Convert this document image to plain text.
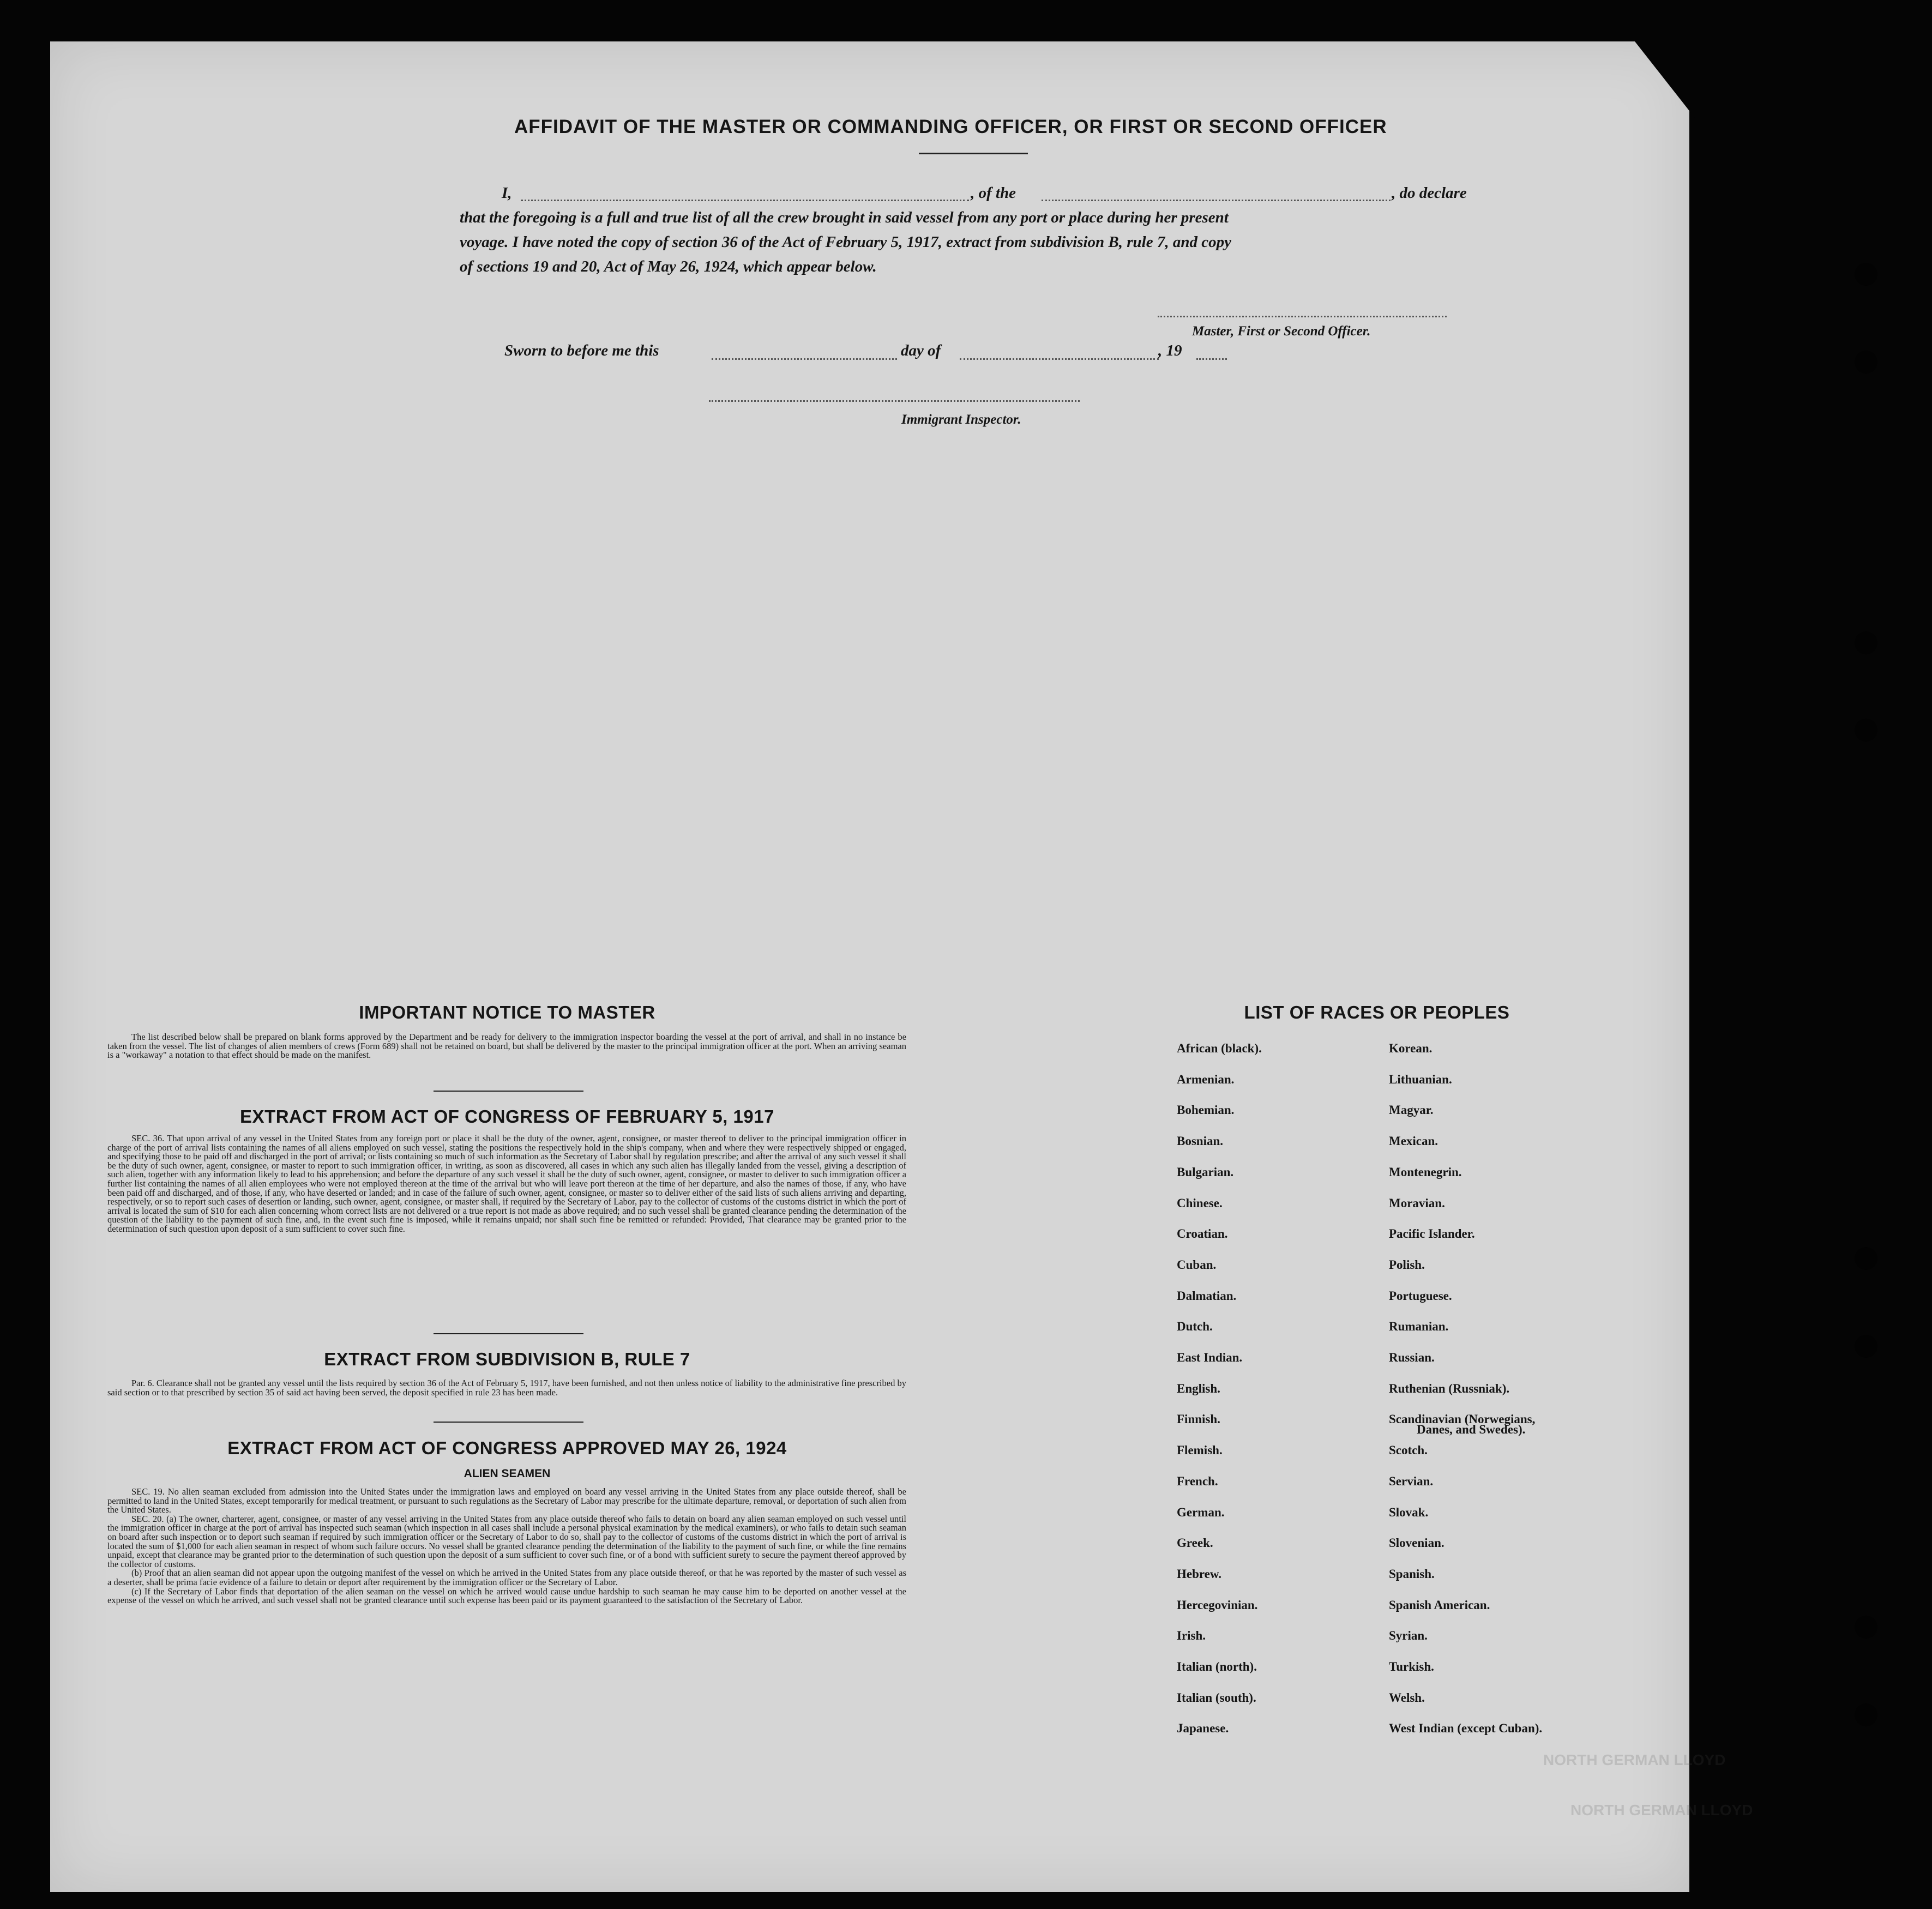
AFFIDAVIT OF THE MASTER OR COMMANDING OFFICER, OR FIRST OR SECOND OFFICER
I,	, of the	, do declare
that the foregoing is a full and true list of all the crew brought in said vessel from any port or place during her present
voyage. I have noted the copy of section 36 of the Act of February 5, 1917, extract from subdivision B, rule 7, and copy
of sections 19 and 20, Act of May 26, 1924, which appear below.
Master, First or Second Officer.
Sworn to before me this	day of	, 19
Immigrant Inspector.
IMPORTANT NOTICE TO MASTER
The list described below shall be prepared on blank forms approved by the Department and be ready for delivery to the immigration inspector boarding the vessel at the port of arrival, and shall in no instance be taken from the vessel. The list of changes of alien members of crews (Form 689) shall not be retained on board, but shall be delivered by the master to the principal immigration officer at the port. When an arriving seaman is a "workaway" a notation to that effect should be made on the manifest.
EXTRACT FROM ACT OF CONGRESS OF FEBRUARY 5, 1917
SEC. 36. That upon arrival of any vessel in the United States from any foreign port or place it shall be the duty of the owner, agent, consignee, or master thereof to deliver to the principal immigration officer in charge of the port of arrival lists containing the names of all aliens employed on such vessel, stating the positions the respectively hold in the ship's company, when and where they were respectively shipped or engaged, and specifying those to be paid off and discharged in the port of arrival; or lists containing so much of such information as the Secretary of Labor shall by regulation prescribe; and after the arrival of any such vessel it shall be the duty of such owner, agent, consignee, or master to report to such immigration officer, in writing, as soon as discovered, all cases in which any such alien has illegally landed from the vessel, giving a description of such alien, together with any information likely to lead to his apprehension; and before the departure of any such vessel it shall be the duty of such owner, agent, consignee, or master to deliver to such immigration officer a further list containing the names of all alien employees who were not employed thereon at the time of the arrival but who will leave port thereon at the time of her departure, and also the names of those, if any, who have been paid off and discharged, and of those, if any, who have deserted or landed; and in case of the failure of such owner, agent, consignee, or master so to deliver either of the said lists of such aliens arriving and departing, respectively, or so to report such cases of desertion or landing, such owner, agent, consignee, or master shall, if required by the Secretary of Labor, pay to the collector of customs of the customs district in which the port of arrival is located the sum of $10 for each alien concerning whom correct lists are not delivered or a true report is not made as above required; and no such vessel shall be granted clearance pending the determination of the question of the liability to the payment of such fine, and, in the event such fine is imposed, while it remains unpaid; nor shall such fine be remitted or refunded: Provided, That clearance may be granted prior to the determination of such question upon deposit of a sum sufficient to cover such fine.
EXTRACT FROM SUBDIVISION B, RULE 7
Par. 6. Clearance shall not be granted any vessel until the lists required by section 36 of the Act of February 5, 1917, have been furnished, and not then unless notice of liability to the administrative fine prescribed by said section or to that prescribed by section 35 of said act having been served, the deposit specified in rule 23 has been made.
EXTRACT FROM ACT OF CONGRESS APPROVED MAY 26, 1924
ALIEN SEAMEN
SEC. 19. No alien seaman excluded from admission into the United States under the immigration laws and employed on board any vessel arriving in the United States from any place outside thereof, shall be permitted to land in the United States, except temporarily for medical treatment, or pursuant to such regulations as the Secretary of Labor may prescribe for the ultimate departure, removal, or deportation of such alien from the United States.
SEC. 20. (a) The owner, charterer, agent, consignee, or master of any vessel arriving in the United States from any place outside thereof who fails to detain on board any alien seaman employed on such vessel until the immigration officer in charge at the port of arrival has inspected such seaman (which inspection in all cases shall include a personal physical examination by the medical examiners), or who fails to detain such seaman on board after such inspection or to deport such seaman if required by such immigration officer or the Secretary of Labor to do so, shall pay to the collector of customs of the customs district in which the port of arrival is located the sum of $1,000 for each alien seaman in respect of whom such failure occurs. No vessel shall be granted clearance pending the determination of the liability to the payment of such fine, or while the fine remains unpaid, except that clearance may be granted prior to the determination of such question upon the deposit of a sum sufficient to cover such fine, or of a bond with sufficient surety to secure the payment thereof approved by the collector of customs.
(b) Proof that an alien seaman did not appear upon the outgoing manifest of the vessel on which he arrived in the United States from any place outside thereof, or that he was reported by the master of such vessel as a deserter, shall be prima facie evidence of a failure to detain or deport after requirement by the immigration officer or the Secretary of Labor.
(c) If the Secretary of Labor finds that deportation of the alien seaman on the vessel on which he arrived would cause undue hardship to such seaman he may cause him to be deported on another vessel at the expense of the vessel on which he arrived, and such vessel shall not be granted clearance until such expense has been paid or its payment guaranteed to the satisfaction of the Secretary of Labor.
LIST OF RACES OR PEOPLES
African (black).
Armenian.
Bohemian.
Bosnian.
Bulgarian.
Chinese.
Croatian.
Cuban.
Dalmatian.
Dutch.
East Indian.
English.
Finnish.
Flemish.
French.
German.
Greek.
Hebrew.
Hercegovinian.
Irish.
Italian (north).
Italian (south).
Japanese.
Korean.
Lithuanian.
Magyar.
Mexican.
Montenegrin.
Moravian.
Pacific Islander.
Polish.
Portuguese.
Rumanian.
Russian.
Ruthenian (Russniak).
Scandinavian (Norwegians,
Scotch.
Servian.
Slovak.
Slovenian.
Spanish.
Spanish American.
Syrian.
Turkish.
Welsh.
West Indian (except Cuban).
Danes, and Swedes).
NORTH GERMAN LLOYD
NORTH GERMAN LLOYD
